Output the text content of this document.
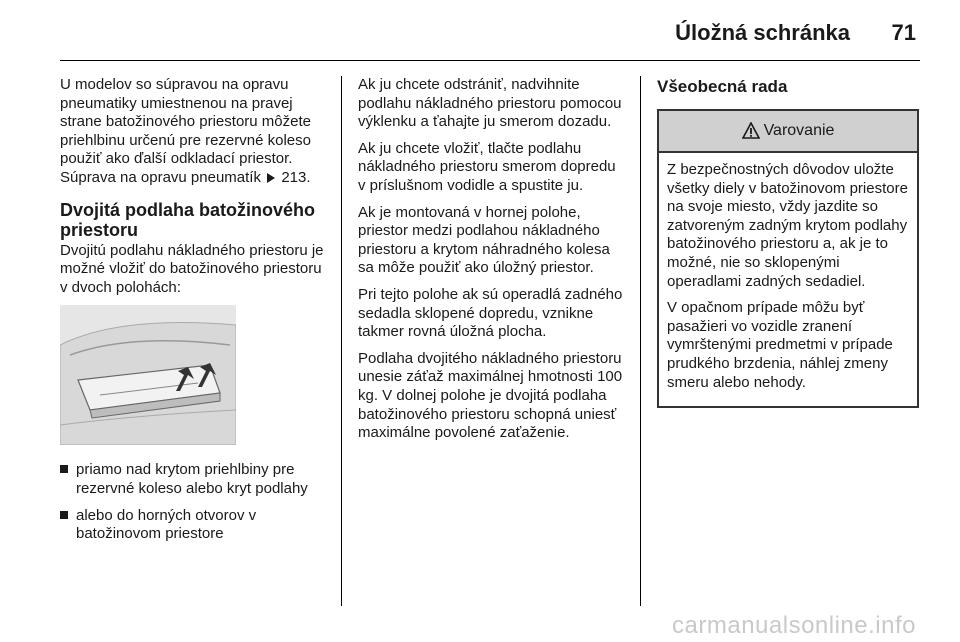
Úložná schránka 71

U modelov so súpravou na opravu pneumatiky umiestnenou na pravej strane batožinového priestoru môžete priehlbinu určenú pre rezervné koleso použiť ako ďalší odkladací priestor. Súprava na opravu pneumatík 213.

Dvojitá podlaha batožinového priestoru

Dvojitú podlahu nákladného priestoru je možné vložiť do batožinového priestoru v dvoch polohách:

priamo nad krytom priehlbiny pre rezervné koleso alebo kryt podlahy
alebo do horných otvorov v batožinovom priestore

Ak ju chcete odstrániť, nadvihnite podlahu nákladného priestoru pomocou výklenku a ťahajte ju smerom dozadu.

Ak ju chcete vložiť, tlačte podlahu nákladného priestoru smerom dopredu v príslušnom vodidle a spustite ju.

Ak je montovaná v hornej polohe, priestor medzi podlahou nákladného priestoru a krytom náhradného kolesa sa môže použiť ako úložný priestor.

Pri tejto polohe ak sú operadlá zadného sedadla sklopené dopredu, vznikne takmer rovná úložná plocha.

Podlaha dvojitého nákladného priestoru unesie záťaž maximálnej hmotnosti 100 kg. V dolnej polohe je dvojitá podlaha batožinového priestoru schopná uniesť maximálne povolené zaťaženie.

Všeobecná rada
Varovanie

Z bezpečnostných dôvodov uložte všetky diely v batožinovom priestore na svoje miesto, vždy jazdite so zatvoreným zadným krytom podlahy batožinového priestoru a, ak je to možné, nie so sklopenými operadlami zadných sedadiel.

V opačnom prípade môžu byť pasažieri vo vozidle zranení vymrštenými predmetmi v prípade prudkého brzdenia, náhlej zmeny smeru alebo nehody.

carmanualsonline.info
